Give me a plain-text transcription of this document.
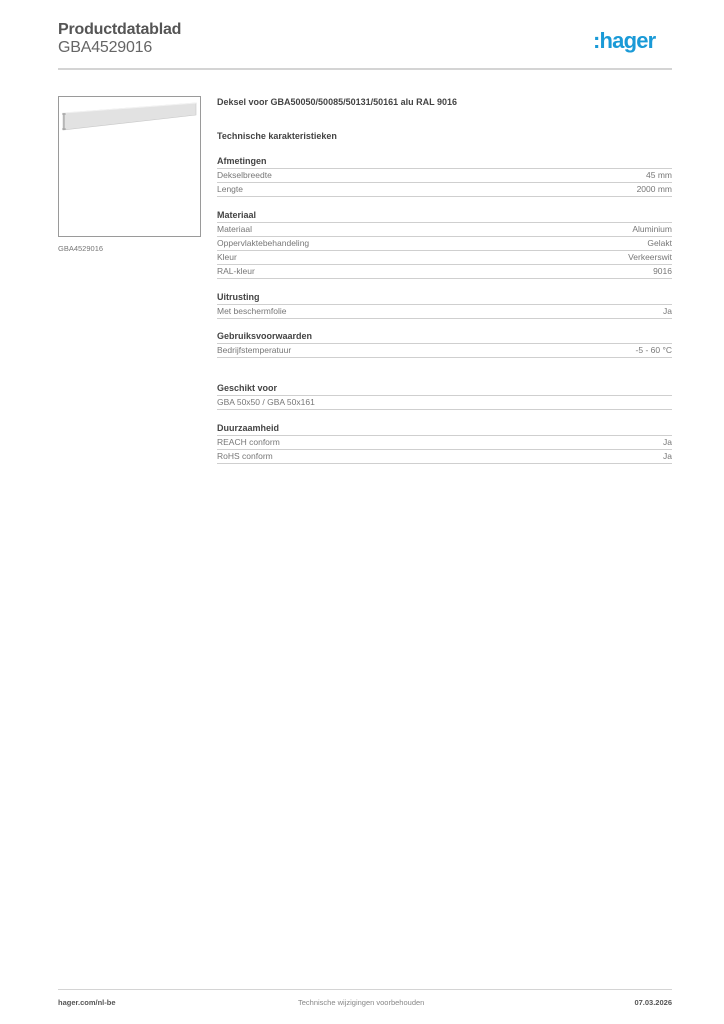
Productdatablad
GBA4529016	:hager
GBA4529016
Deksel voor GBA50050/50085/50131/50161 alu RAL 9016
Technische karakteristieken
Afmetingen
Dekselbreedte	45 mm
Lengte	2000 mm
Materiaal
Materiaal	Aluminium
Oppervlaktebehandeling	Gelakt
Kleur	Verkeerswit
RAL-kleur	9016
Uitrusting
Met beschermfolie	Ja
Gebruiksvoorwaarden
Bedrijfstemperatuur	-5 - 60 °C
Geschikt voor
GBA 50x50 / GBA 50x161
Duurzaamheid
REACH conform	Ja
RoHS conform	Ja
hager.com/nl-be	Technische wijzigingen voorbehouden	07.03.2026
